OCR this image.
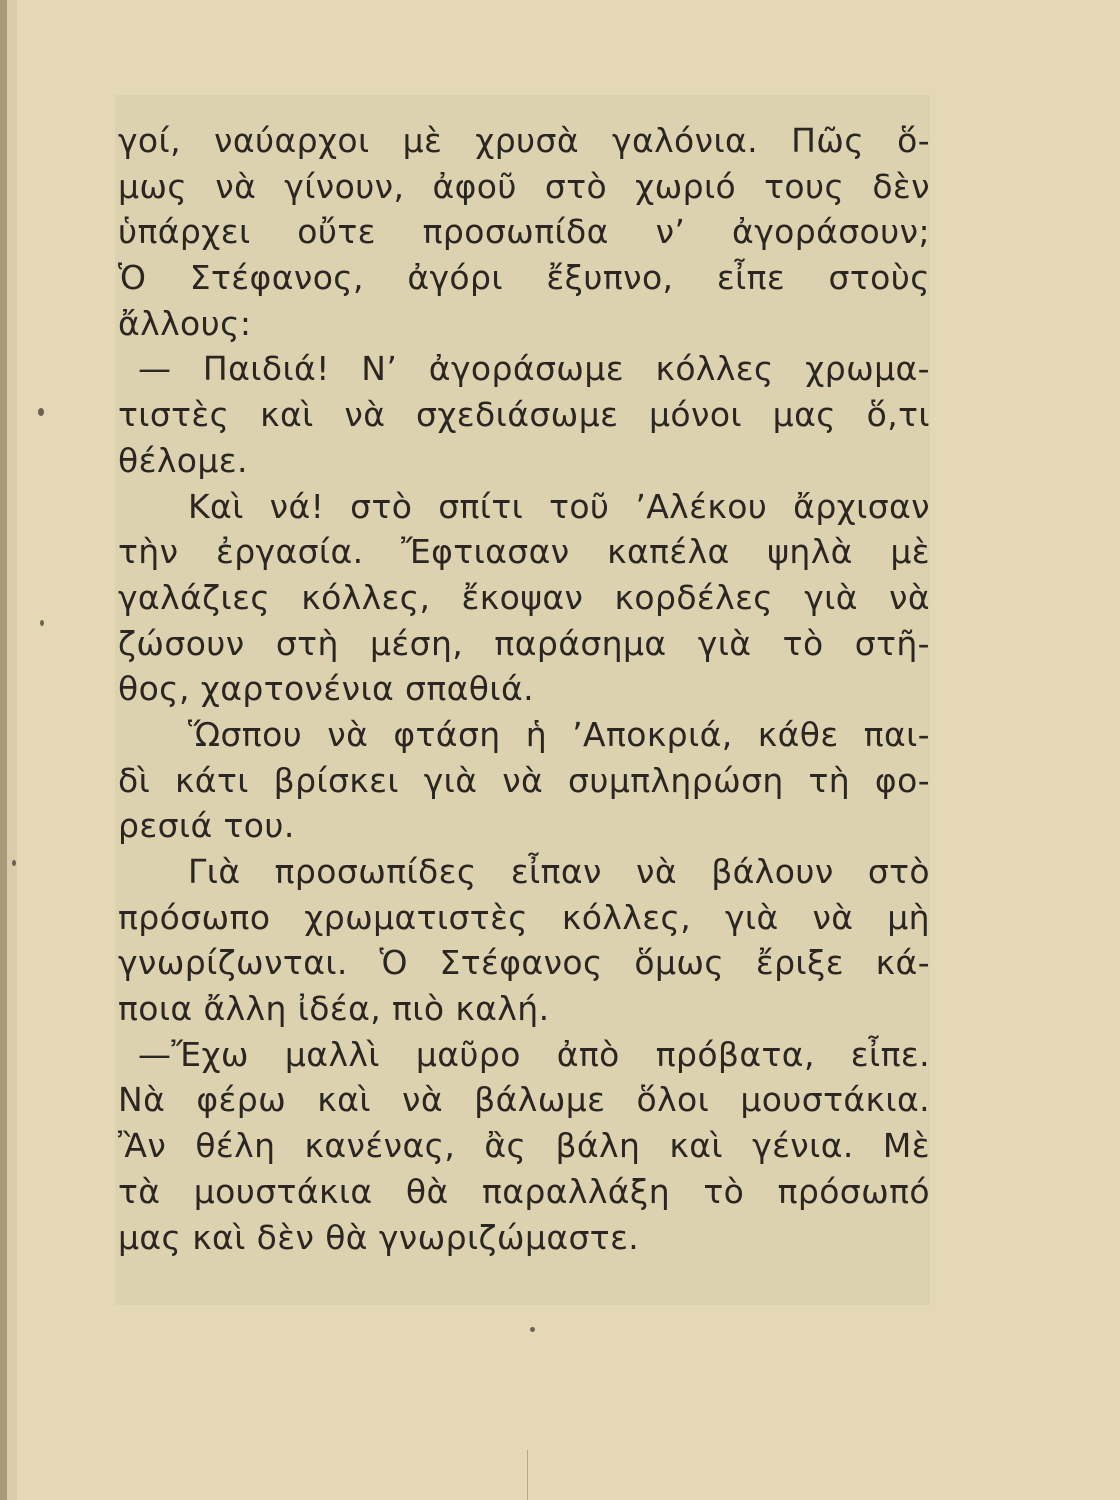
γοί, ναύαρχοι μὲ χρυσὰ γαλόνια. Πῶς ὅ-
μως νὰ γίνουν, ἀφοῦ στὸ χωριό τους δὲν
ὑπάρχει οὔτε προσωπίδα ν’ ἀγοράσουν;
Ὁ Στέφανος, ἀγόρι ἔξυπνο, εἶπε στοὺς
ἄλλους:
— Παιδιά! Ν’ ἀγοράσωμε κόλλες χρωμα-
τιστὲς καὶ νὰ σχεδιάσωμε μόνοι μας ὅ,τι
θέλομε.
Καὶ νά! στὸ σπίτι τοῦ ’Αλέκου ἄρχισαν
τὴν ἐργασία. Ἔφτιασαν καπέλα ψηλὰ μὲ
γαλάζιες κόλλες, ἔκοψαν κορδέλες γιὰ νὰ
ζώσουν στὴ μέση, παράσημα γιὰ τὸ στῆ-
θος, χαρτονένια σπαθιά.
Ὥσπου νὰ φτάση ἡ ’Αποκριά, κάθε παι-
δὶ κάτι βρίσκει γιὰ νὰ συμπληρώση τὴ φο-
ρεσιά του.
Γιὰ προσωπίδες εἶπαν νὰ βάλουν στὸ
πρόσωπο χρωματιστὲς κόλλες, γιὰ νὰ μὴ
γνωρίζωνται. Ὁ Στέφανος ὅμως ἔριξε κά-
ποια ἄλλη ἰδέα, πιὸ καλή.
—Ἔχω μαλλὶ μαῦρο ἀπὸ πρόβατα, εἶπε.
Νὰ φέρω καὶ νὰ βάλωμε ὅλοι μουστάκια.
Ἂν θέλη κανένας, ἂς βάλη καὶ γένια. Μὲ
τὰ μουστάκια θὰ παραλλάξη τὸ πρόσωπό
μας καὶ δὲν θὰ γνωριζώμαστε.
